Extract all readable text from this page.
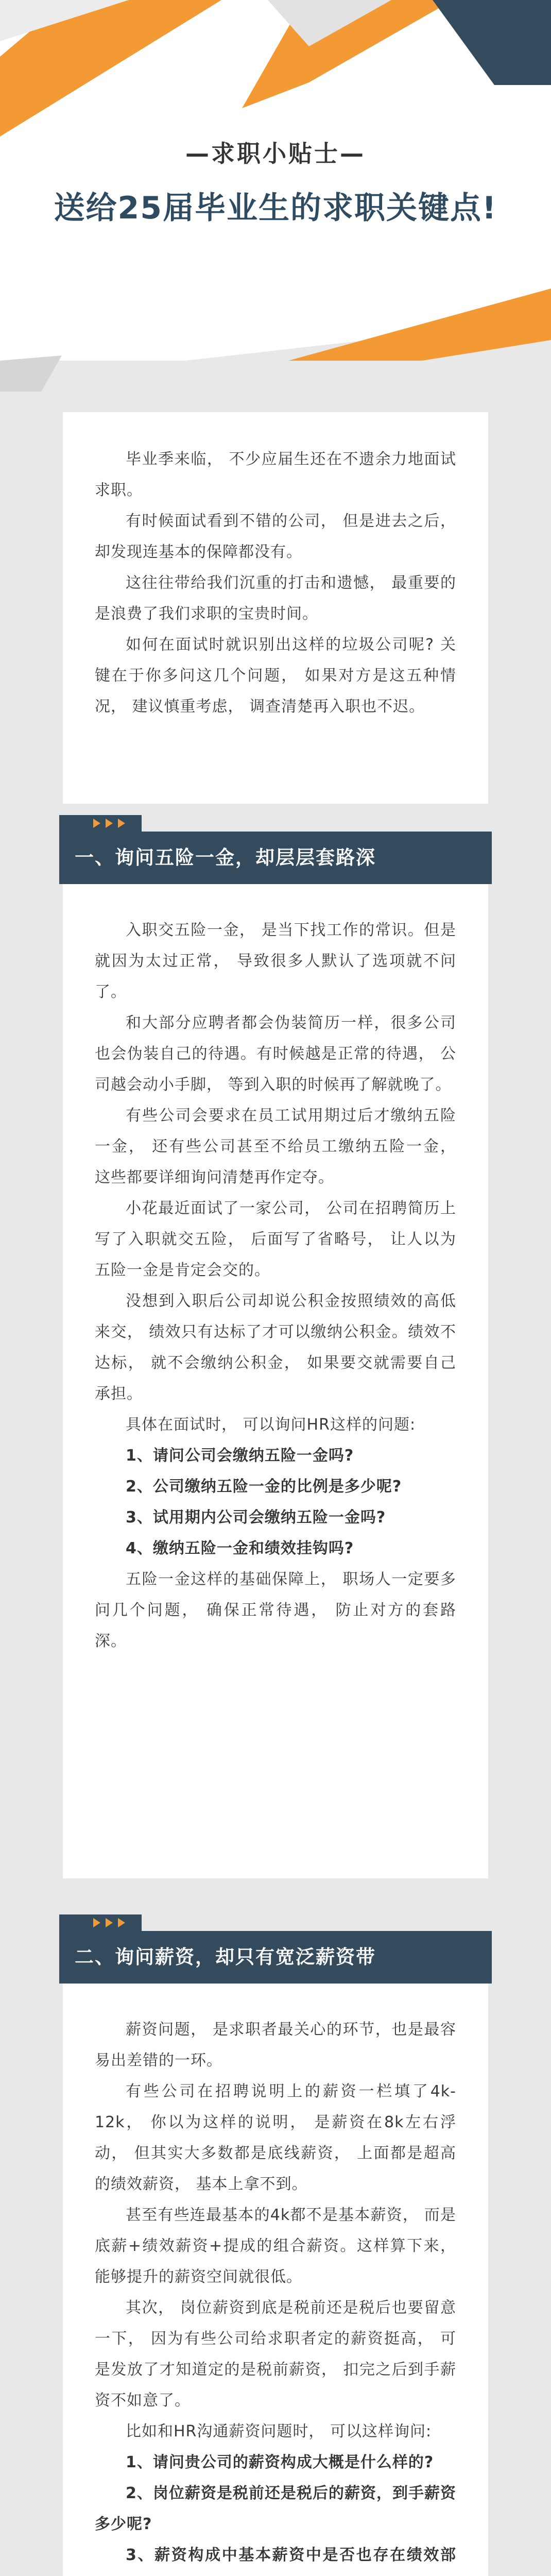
—求职小贴士—
送给25届毕业生的求职关键点!

毕业季来临， 不少应届生还在不遗余力地面试求职。

有时候面试看到不错的公司， 但是进去之后， 却发现连基本的保障都没有。

这往往带给我们沉重的打击和遗憾， 最重要的是浪费了我们求职的宝贵时间。

如何在面试时就识别出这样的垃圾公司呢? 关键在于你多问这几个问题， 如果对方是这五种情况， 建议慎重考虑， 调查清楚再入职也不迟。

一、询问五险一金，却层层套路深

入职交五险一金， 是当下找工作的常识。但是就因为太过正常， 导致很多人默认了选项就不问了。

和大部分应聘者都会伪装简历一样，很多公司也会伪装自己的待遇。有时候越是正常的待遇， 公司越会动小手脚， 等到入职的时候再了解就晚了。

有些公司会要求在员工试用期过后才缴纳五险一金， 还有些公司甚至不给员工缴纳五险一金， 这些都要详细询问清楚再作定夺。

小花最近面试了一家公司， 公司在招聘简历上写了入职就交五险， 后面写了省略号， 让人以为五险一金是肯定会交的。

没想到入职后公司却说公积金按照绩效的高低来交， 绩效只有达标了才可以缴纳公积金。绩效不达标， 就不会缴纳公积金， 如果要交就需要自己承担。

具体在面试时， 可以询问HR这样的问题:

1、请问公司会缴纳五险一金吗?

2、公司缴纳五险一金的比例是多少呢?

3、试用期内公司会缴纳五险一金吗?

4、缴纳五险一金和绩效挂钩吗?

五险一金这样的基础保障上， 职场人一定要多问几个问题， 确保正常待遇， 防止对方的套路深。

二、询问薪资，却只有宽泛薪资带

薪资问题， 是求职者最关心的环节，也是最容易出差错的一环。

有些公司在招聘说明上的薪资一栏填了4k-12k， 你以为这样的说明， 是薪资在8k左右浮动， 但其实大多数都是底线薪资， 上面都是超高的绩效薪资， 基本上拿不到。

甚至有些连最基本的4k都不是基本薪资， 而是底薪+绩效薪资+提成的组合薪资。这样算下来， 能够提升的薪资空间就很低。

其次， 岗位薪资到底是税前还是税后也要留意一下， 因为有些公司给求职者定的薪资挺高， 可是发放了才知道定的是税前薪资， 扣完之后到手薪资不如意了。

比如和HR沟通薪资问题时， 可以这样询问:

1、请问贵公司的薪资构成大概是什么样的?

2、岗位薪资是税前还是税后的薪资，到手薪资多少呢?

3、薪资构成中基本薪资中是否也存在绩效部
